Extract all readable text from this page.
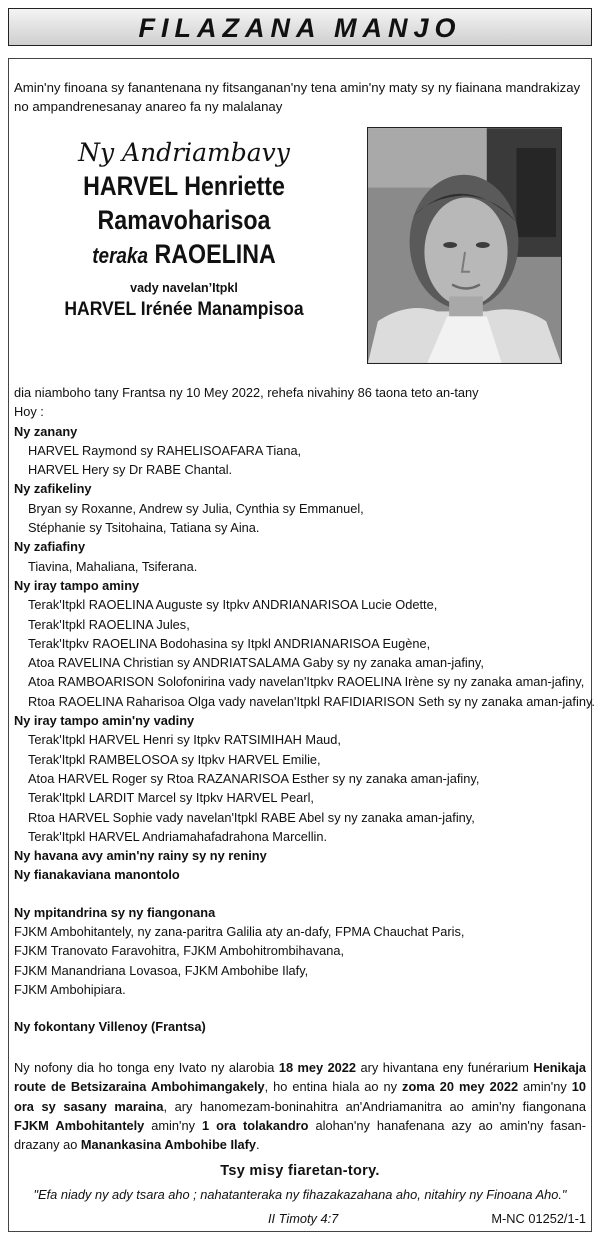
FILAZANA MANJO
Amin'ny finoana sy fanantenana ny fitsanganan'ny tena amin'ny maty sy ny fiainana mandrakizay no ampandrenesanay anareo fa ny malalanay
Ny Andriambavy
HARVEL Henriette
Ramavoharisoa
teraka RAOELINA
vady navelan’Itpkl
HARVEL Irénée Manampisoa

dia niamboho tany Frantsa ny 10 Mey 2022, rehefa nivahiny 86 taona teto an-tany

Hoy :

Ny zanany

HARVEL Raymond sy RAHELISOAFARA Tiana,

HARVEL Hery sy Dr RABE Chantal.

Ny zafikeliny

Bryan sy Roxanne, Andrew sy Julia, Cynthia sy Emmanuel,

Stéphanie sy Tsitohaina, Tatiana sy Aina.

Ny zafiafiny

Tiavina, Mahaliana, Tsiferana.

Ny iray tampo aminy

Terak'Itpkl RAOELINA Auguste sy Itpkv ANDRIANARISOA Lucie Odette,

Terak'Itpkl RAOELINA Jules,

Terak'Itpkv RAOELINA Bodohasina sy Itpkl ANDRIANARISOA Eugène,

Atoa RAVELINA Christian sy ANDRIATSALAMA Gaby sy ny zanaka aman-jafiny,

Atoa RAMBOARISON Solofonirina vady navelan'Itpkv RAOELINA Irène sy ny zanaka aman-jafiny,

Rtoa RAOELINA Raharisoa Olga vady navelan'Itpkl RAFIDIARISON Seth sy ny zanaka aman-jafiny.

Ny iray tampo amin'ny vadiny

Terak'Itpkl HARVEL Henri sy Itpkv RATSIMIHAH Maud,

Terak'Itpkl RAMBELOSOA sy Itpkv HARVEL Emilie,

Atoa HARVEL Roger sy Rtoa RAZANARISOA Esther sy ny zanaka aman-jafiny,

Terak'Itpkl LARDIT Marcel sy Itpkv HARVEL Pearl,

Rtoa HARVEL Sophie vady navelan'Itpkl RABE Abel sy ny zanaka aman-jafiny,

Terak'Itpkl HARVEL Andriamahafadrahona Marcellin.

Ny havana avy amin'ny rainy sy ny reniny

Ny fianakaviana manontolo

Ny mpitandrina sy ny fiangonana

FJKM Ambohitantely, ny zana-paritra Galilia aty an-dafy, FPMA Chauchat Paris,

FJKM Tranovato Faravohitra, FJKM Ambohitrombihavana,

FJKM Manandriana Lovasoa, FJKM Ambohibe Ilafy,

FJKM Ambohipiara.

Ny fokontany Villenoy (Frantsa)

Ny nofony dia ho tonga eny Ivato ny alarobia 18 mey 2022 ary hivantana eny funérarium Henikaja route de Betsizaraina Ambohimangakely, ho entina hiala ao ny zoma 20 mey 2022 amin'ny 10 ora sy sasany maraina, ary hanomezam-boninahitra an'Andriamanitra ao amin'ny fiangonana FJKM Ambohitantely amin'ny 1 ora tolakandro alohan'ny hanafenana azy ao amin'ny fasan-drazany ao Manankasina Ambohibe Ilafy.
Tsy misy fiaretan-tory.
"Efa niady ny ady tsara aho ; nahatanteraka ny fihazakazahana aho, nitahiry ny Finoana Aho."
II Timoty 4:7	M-NC 01252/1-1
